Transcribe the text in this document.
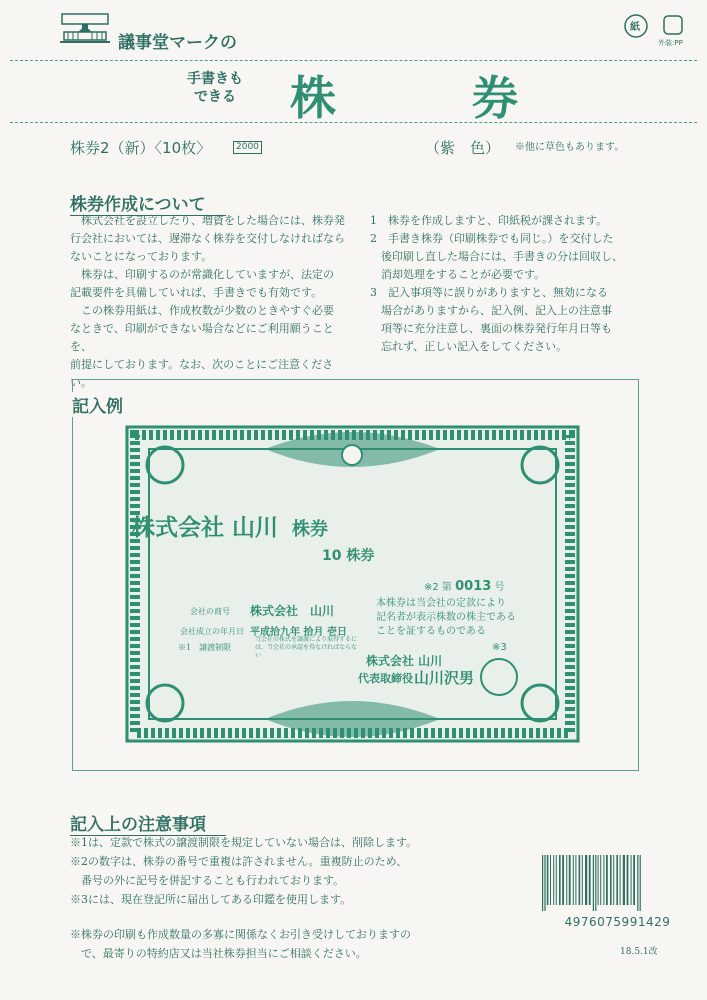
議事堂マークの
紙
外装:PP
手書きも
できる	株 券
株券2（新）〈10枚〉	2000	（紫　色） ※他に草色もあります。
株券作成について
株式会社を設立したり、増資をした場合には、株券発
行会社においては、遅滞なく株券を交付しなければなら
ないことになっております。
株券は、印刷するのが常識化していますが、法定の
記載要件を具備していれば、手書きでも有効です。
この株券用紙は、作成枚数が少数のときやすぐ必要
なときで、印刷ができない場合などにご利用願うことを、
前提にしております。なお、次のことにご注意ください。
1　株券を作成しますと、印紙税が課されます。
2　手書き株券（印刷株券でも同じ。）を交付した
　後印刷し直した場合には、手書きの分は回収し、
　消却処理をすることが必要です。
3　記入事項等に誤りがありますと、無効になる
　場合がありますから、記入例、記入上の注意事
　項等に充分注意し、裏面の株券発行年月日等も
　忘れず、正しい記入をしてください。
記入例
株式会社 山川 株券
10 株券
※2 第 0013 号
会社の商号 株式会社　山川
会社成立の年月日 平成拾九年 拾月 壱日
※1　譲渡制限
当会社の株式を譲渡により取得するには、当会社の承認を得なければならない
本株券は当会社の定款により
記名者が表示株数の株主である
ことを証するものである
※3
株式会社 山川
代表取締役 山川沢男
記入上の注意事項
※1は、定款で株式の譲渡制限を規定していない場合は、削除します。
※2の数字は、株券の番号で重複は許されません。重複防止のため、
　番号の外に記号を併記することも行われております。
※3には、現在登記所に届出してある印鑑を使用します。
4976075991429
※株券の印刷も作成数量の多寡に関係なくお引き受けしておりますの
　で、最寄りの特約店又は当社株券担当にご相談ください。	18.5.1改
